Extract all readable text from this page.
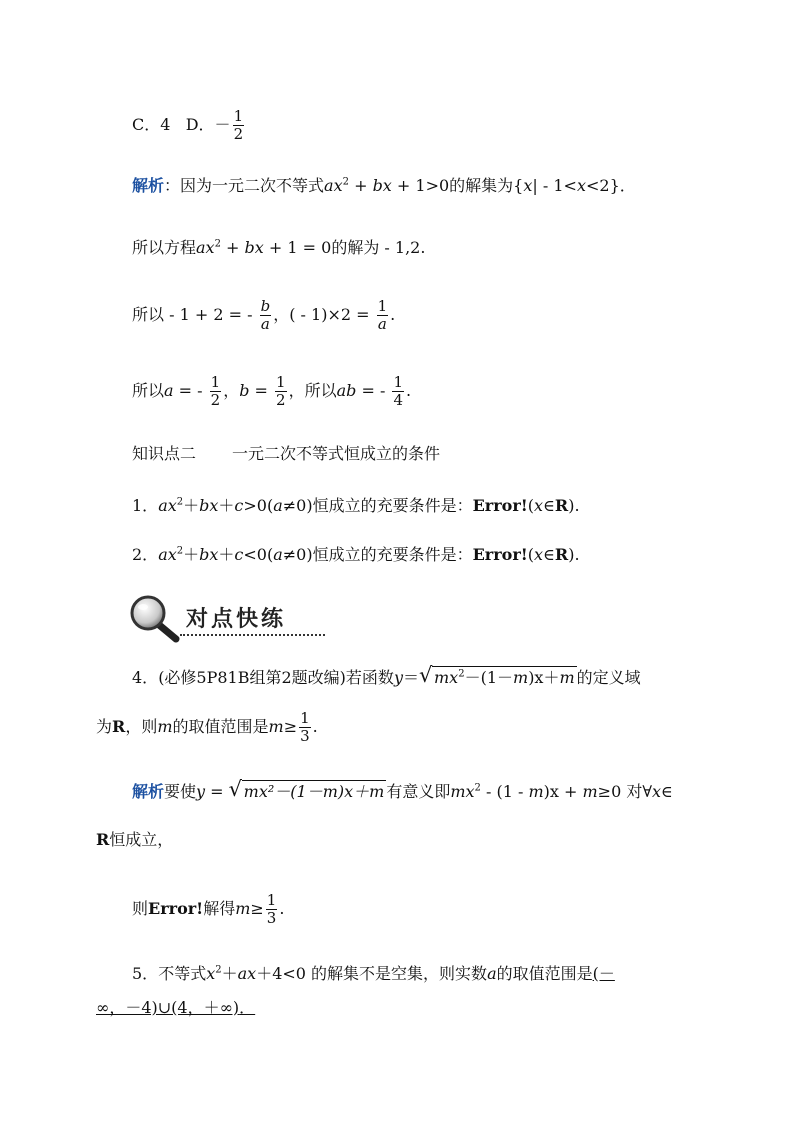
C．4 D．－ $\frac{1}{2}$
解析：因为一元二次不等式$ax^2$ + bx + 1>0的解集为{x| - 1<x<2}．
所以方程$ax^2$ + bx + 1 = 0的解为 - 1,2.
所以 - 1 + 2 = - $\frac{b}{a}$ ，( - $1)\times 2 = \frac{1}{a}$ .
所以a = - $\frac{1}{2}$ ，$b = \frac{1}{2}$ ，所以ab = - $\frac{1}{4}$ .
知识点二 一元二次不等式恒成立的条件
1．$ax^2+bx+c>0(a\ne 0)$恒成立的充要条件是：Error!(x∈R).
2．$ax^2+bx+c<0(a\ne 0)$恒成立的充要条件是：Error!(x∈R).
对点快练
4．(必修5P81B组第2题改编)若函数y＝ √ $mx^2-(1-m)x+m$ 的定义域
为R，则m的取值范围是$m\ge \frac{1}{3}$ .
解析要使y = √ mx²－(1－m)x＋m 有意义即$mx^2 - (1 - m)x + m\ge 0$ 对∀x∈
R恒成立，
则Error!解得$m\ge \frac{1}{3}$ .
5．不等式$x^2+ax+4<0$ 的解集不是空集，则实数a的取值范围是(－
∞，－4)∪(4，＋∞)．
